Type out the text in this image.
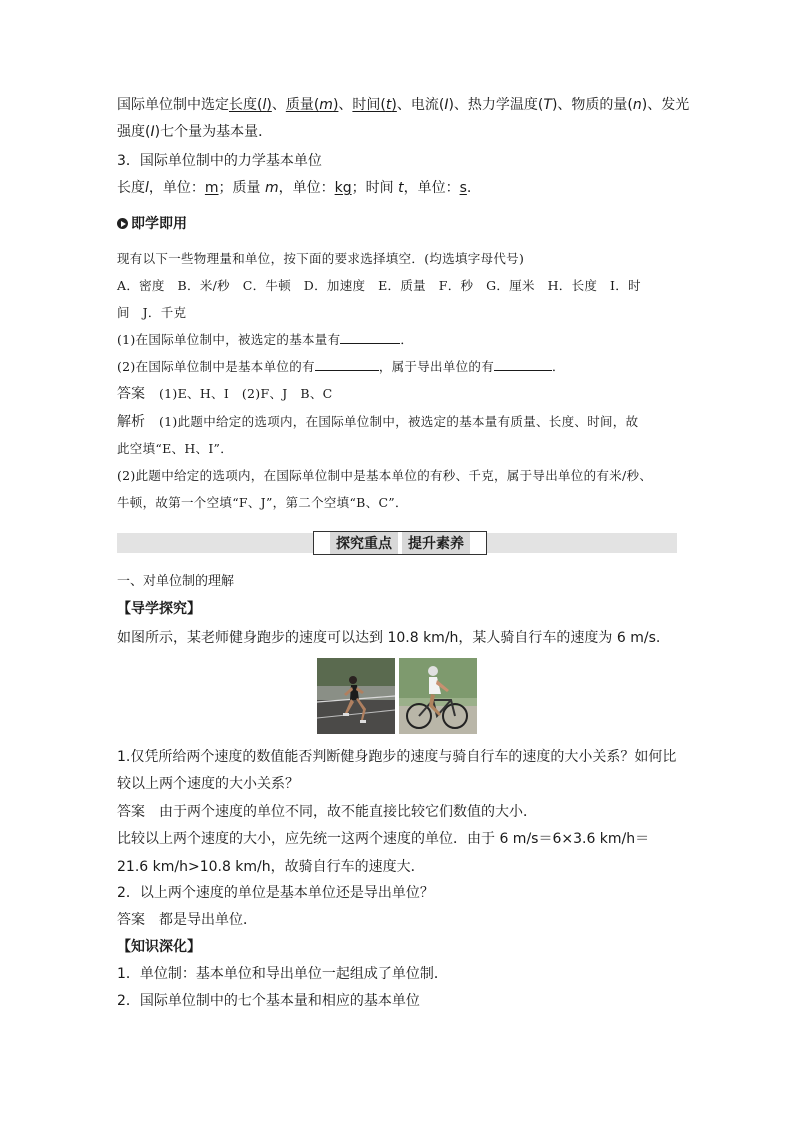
国际单位制中选定长度(l)、质量(m)、时间(t)、电流(I)、热力学温度(T)、物质的量(n)、发光
强度(I)七个量为基本量．
3．国际单位制中的力学基本单位
长度l，单位：m；质量 m，单位：kg；时间 t，单位：s.
即学即用
现有以下一些物理量和单位，按下面的要求选择填空．(均选填字母代号)
A．密度　B．米/秒　C．牛顿　D．加速度　E．质量　F．秒　G．厘米　H．长度　I．时
间　J．千克
(1)在国际单位制中，被选定的基本量有	．
(2)在国际单位制中是基本单位的有	，属于导出单位的有	．
答案　 (1)E、H、I　(2)F、J　B、C
解析　 (1)此题中给定的选项内，在国际单位制中，被选定的基本量有质量、长度、时间，故
此空填“E、H、I”．
(2)此题中给定的选项内，在国际单位制中是基本单位的有秒、千克，属于导出单位的有米/秒、
牛顿，故第一个空填“F、J”，第二个空填“B、C”．
探究重点	提升素养
一、对单位制的理解
【导学探究】
如图所示，某老师健身跑步的速度可以达到 10.8 km/h，某人骑自行车的速度为 6 m/s.
1.仅凭所给两个速度的数值能否判断健身跑步的速度与骑自行车的速度的大小关系？如何比
较以上两个速度的大小关系？
答案　 由于两个速度的单位不同，故不能直接比较它们数值的大小．
比较以上两个速度的大小，应先统一这两个速度的单位．由于 6 m/s＝6×3.6 km/h＝
21.6 km/h>10.8 km/h，故骑自行车的速度大．
2．以上两个速度的单位是基本单位还是导出单位？
答案　 都是导出单位．
【知识深化】
1．单位制：基本单位和导出单位一起组成了单位制．
2．国际单位制中的七个基本量和相应的基本单位
